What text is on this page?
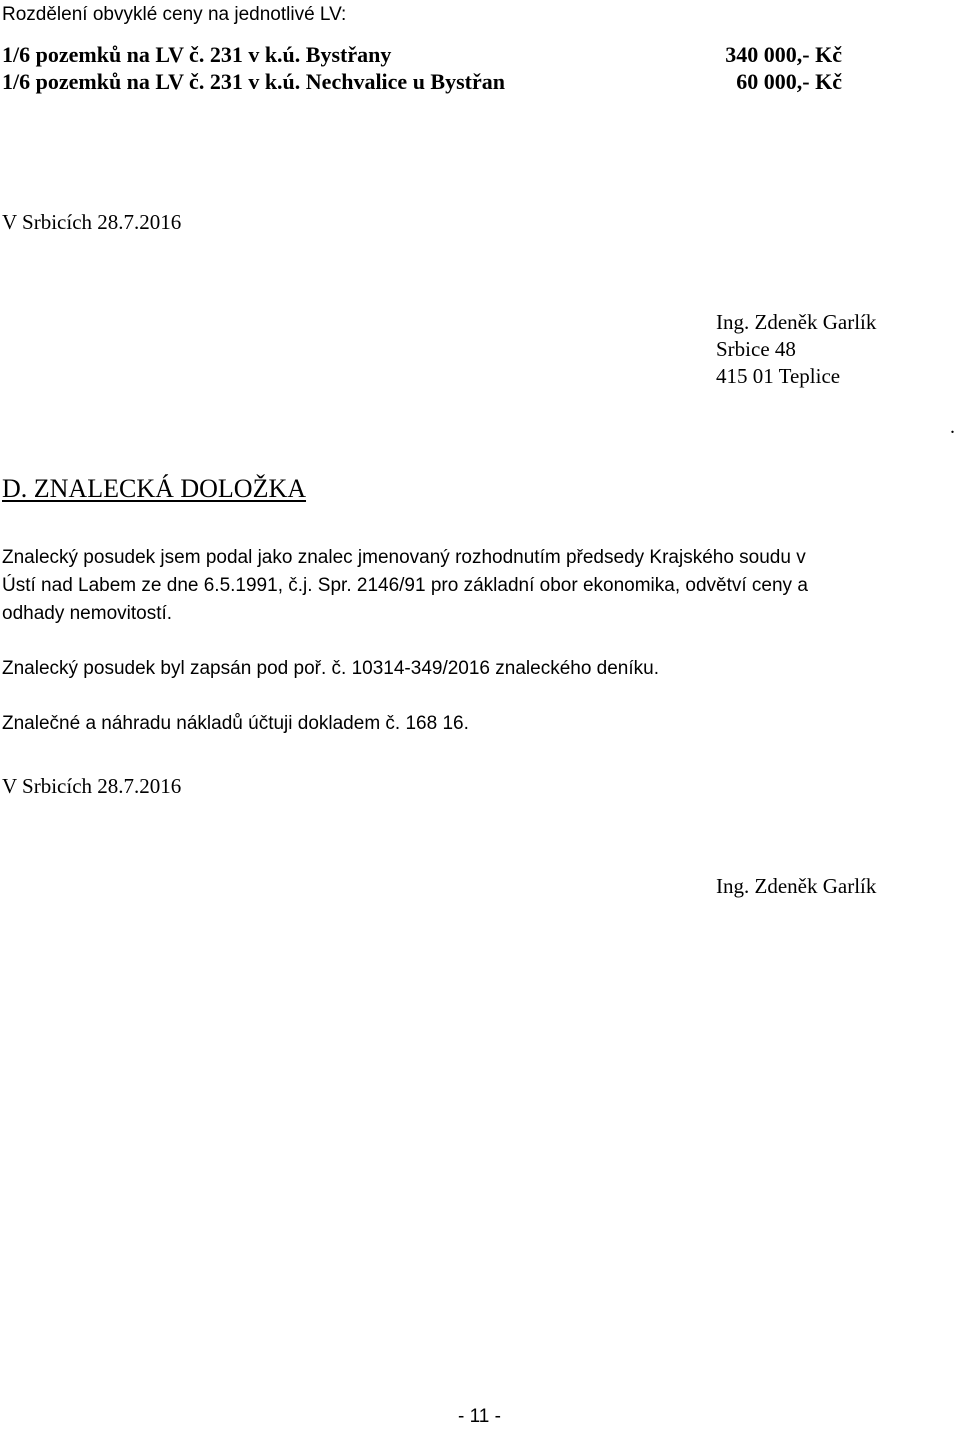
Rozdělení obvyklé ceny na jednotlivé LV:
1/6 pozemků na LV č. 231 v k.ú. Bystřany	340 000,- Kč
1/6 pozemků na LV č. 231 v k.ú. Nechvalice u Bystřan	60 000,- Kč
V Srbicích 28.7.2016
Ing. Zdeněk Garlík
Srbice 48
415 01 Teplice
.
D. ZNALECKÁ DOLOŽKA
Znalecký posudek jsem podal jako znalec jmenovaný rozhodnutím předsedy Krajského soudu v
Ústí nad Labem ze dne 6.5.1991, č.j. Spr. 2146/91 pro základní obor ekonomika, odvětví ceny a
odhady nemovitostí.
Znalecký posudek byl zapsán pod poř. č. 10314-349/2016 znaleckého deníku.
Znalečné a náhradu nákladů účtuji dokladem č. 168 16.
V Srbicích 28.7.2016
Ing. Zdeněk Garlík
- 11 -
